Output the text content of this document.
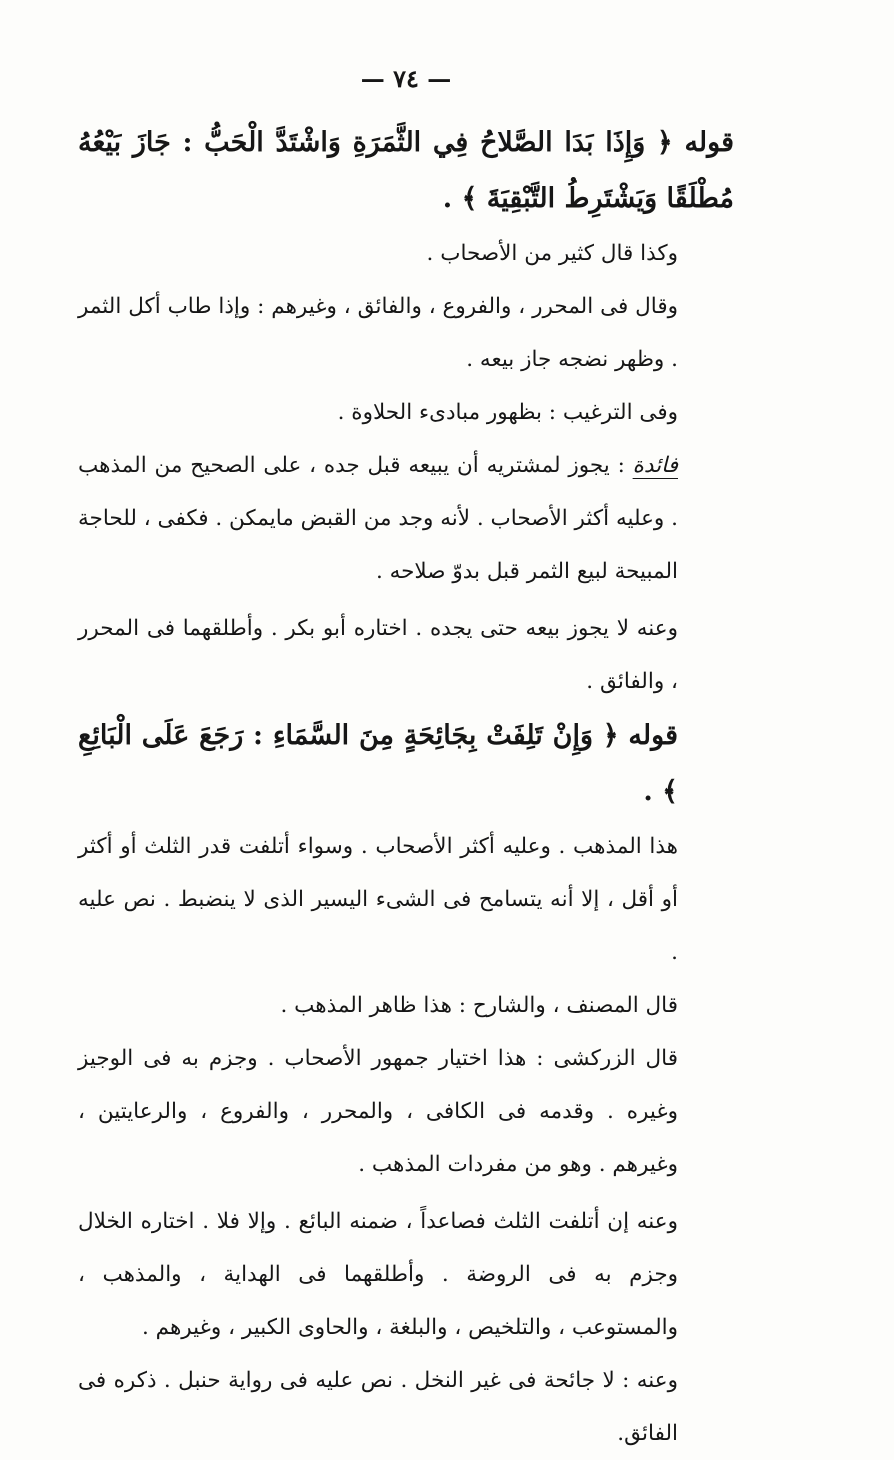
— ٧٤ —

قوله ﴿ وَإِذَا بَدَا الصَّلاحُ فِي الثَّمَرَةِ وَاشْتَدَّ الْحَبُّ : جَازَ بَيْعُهُ مُطْلَقًا وَيَشْتَرِطُ التَّبْقِيَةَ ﴾ .

وكذا قال كثير من الأصحاب .

وقال فى المحرر ، والفروع ، والفائق ، وغيرهم : وإذا طاب أكل الثمر . وظهر نضجه جاز بيعه .

وفى الترغيب : بظهور مبادىء الحلاوة .

فائدة : يجوز لمشتريه أن يبيعه قبل جده ، على الصحيح من المذهب . وعليه أكثر الأصحاب . لأنه وجد من القبض مايمكن . فكفى ، للحاجة المبيحة لبيع الثمر قبل بدوّ صلاحه .

وعنه لا يجوز بيعه حتى يجده . اختاره أبو بكر . وأطلقهما فى المحرر ، والفائق .

قوله ﴿ وَإِنْ تَلِفَتْ بِجَائِحَةٍ مِنَ السَّمَاءِ : رَجَعَ عَلَى الْبَائِعِ ﴾ .

هذا المذهب . وعليه أكثر الأصحاب . وسواء أتلفت قدر الثلث أو أكثر أو أقل ، إلا أنه يتسامح فى الشىء اليسير الذى لا ينضبط . نص عليه .

قال المصنف ، والشارح : هذا ظاهر المذهب .

قال الزركشى : هذا اختيار جمهور الأصحاب . وجزم به فى الوجيز وغيره . وقدمه فى الكافى ، والمحرر ، والفروع ، والرعايتين ، وغيرهم . وهو من مفردات المذهب .

وعنه إن أتلفت الثلث فصاعداً ، ضمنه البائع . وإلا فلا . اختاره الخلال وجزم به فى الروضة . وأطلقهما فى الهداية ، والمذهب ، والمستوعب ، والتلخيص ، والبلغة ، والحاوى الكبير ، وغيرهم .

وعنه : لا جائحة فى غير النخل . نص عليه فى رواية حنبل . ذكره فى الفائق.
